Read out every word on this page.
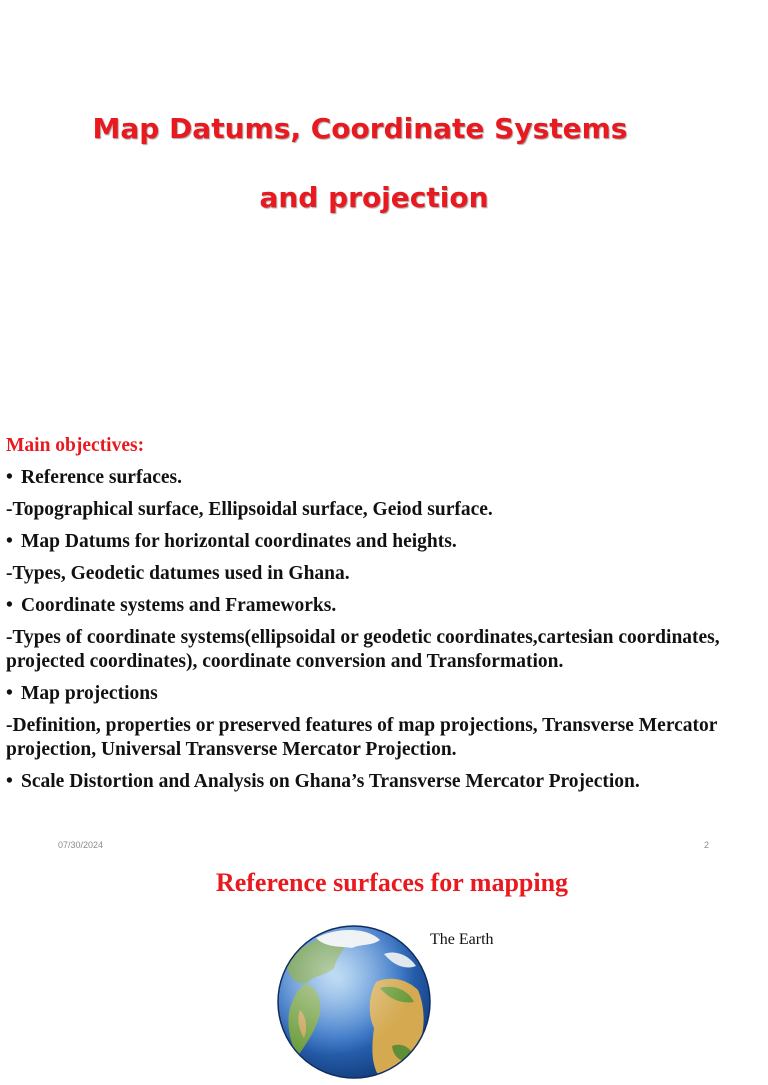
Map Datums, Coordinate Systems
and projection
Main objectives:
• Reference surfaces.
-Topographical surface, Ellipsoidal surface, Geiod surface.
• Map Datums for horizontal coordinates and heights.
-Types, Geodetic datumes used in Ghana.
• Coordinate systems and Frameworks.
-Types of coordinate systems(ellipsoidal or geodetic coordinates,cartesian coordinates, projected coordinates), coordinate conversion and Transformation.
• Map projections
-Definition, properties or preserved features of map projections, Transverse Mercator projection, Universal Transverse Mercator Projection.
• Scale Distortion and Analysis on Ghana’s Transverse Mercator Projection.
07/30/2024	2
Reference surfaces for mapping
The Earth
